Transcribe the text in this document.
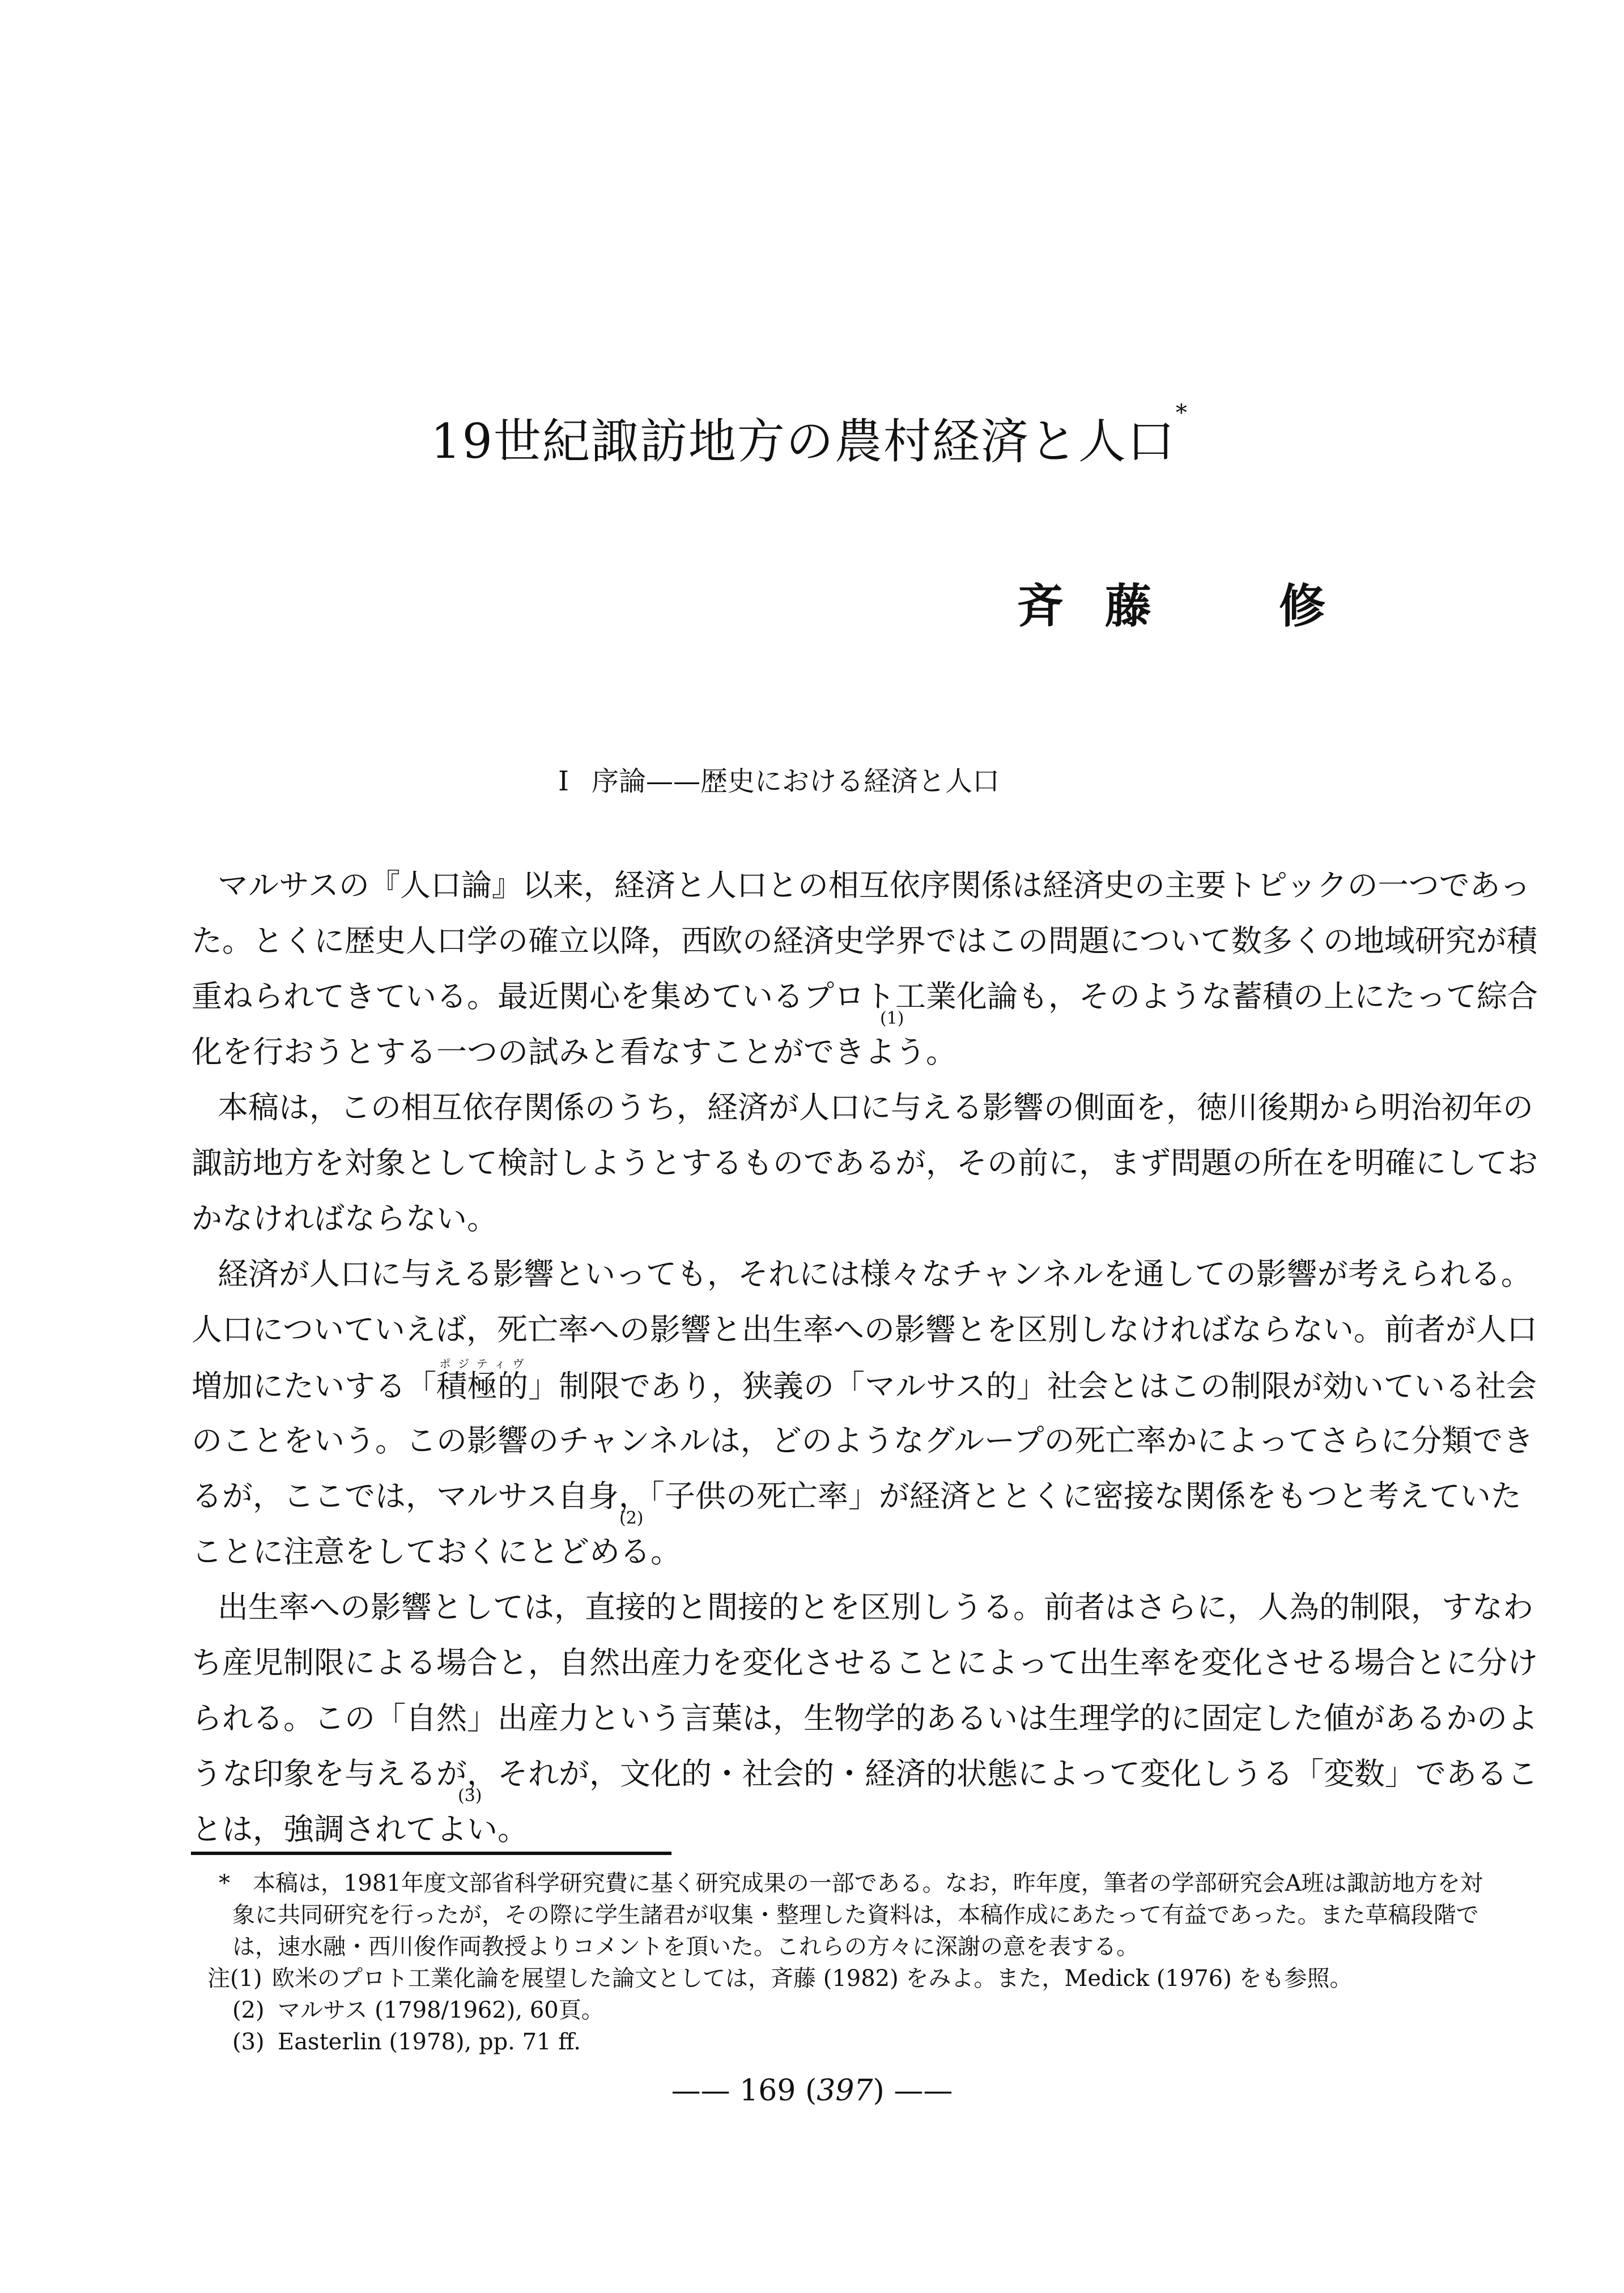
19世紀諏訪地方の農村経済と人口*
斉 藤	修
I 序論——歴史における経済と人口
マルサスの『人口論』以来，経済と人口との相互依序関係は経済史の主要トピックの一つであっ
た。とくに歴史人口学の確立以降，西欧の経済史学界ではこの問題について数多くの地域研究が積
重ねられてきている。最近関心を集めているプロト工業化論も，そのような蓄積の上にたって綜合
化を行おうとする一つの試みと看なすことができよう。
(1)
本稿は，この相互依存関係のうち，経済が人口に与える影響の側面を，徳川後期から明治初年の
諏訪地方を対象として検討しようとするものであるが，その前に，まず問題の所在を明確にしてお
かなければならない。
経済が人口に与える影響といっても，それには様々なチャンネルを通しての影響が考えられる。
人口についていえば，死亡率への影響と出生率への影響とを区別しなければならない。前者が人口
増加にたいする「積極的ポジティヴ」制限であり，狭義の「マルサス的」社会とはこの制限が効いている社会
のことをいう。この影響のチャンネルは，どのようなグループの死亡率かによってさらに分類でき
るが，ここでは，マルサス自身，「子供の死亡率」が経済ととくに密接な関係をもつと考えていた
ことに注意をしておくにとどめる。
(2)
出生率への影響としては，直接的と間接的とを区別しうる。前者はさらに，人為的制限，すなわ
ち産児制限による場合と，自然出産力を変化させることによって出生率を変化させる場合とに分け
られる。この「自然」出産力という言葉は，生物学的あるいは生理学的に固定した値があるかのよ
うな印象を与えるが，それが，文化的・社会的・経済的状態によって変化しうる「変数」であるこ
とは，強調されてよい。
(3)
* 本稿は，1981年度文部省科学研究費に基く研究成果の一部である。なお，昨年度，筆者の学部研究会A班は諏訪地方を対
象に共同研究を行ったが，その際に学生諸君が収集・整理した資料は，本稿作成にあたって有益であった。また草稿段階で
は，速水融・西川俊作両教授よりコメントを頂いた。これらの方々に深謝の意を表する。
注(1) 欧米のプロト工業化論を展望した論文としては，斉藤 (1982) をみよ。また，Medick (1976) をも参照。
(2) マルサス (1798/1962), 60頁。
(3) Easterlin (1978), pp. 71 ff.
—— 169 (397) ——
